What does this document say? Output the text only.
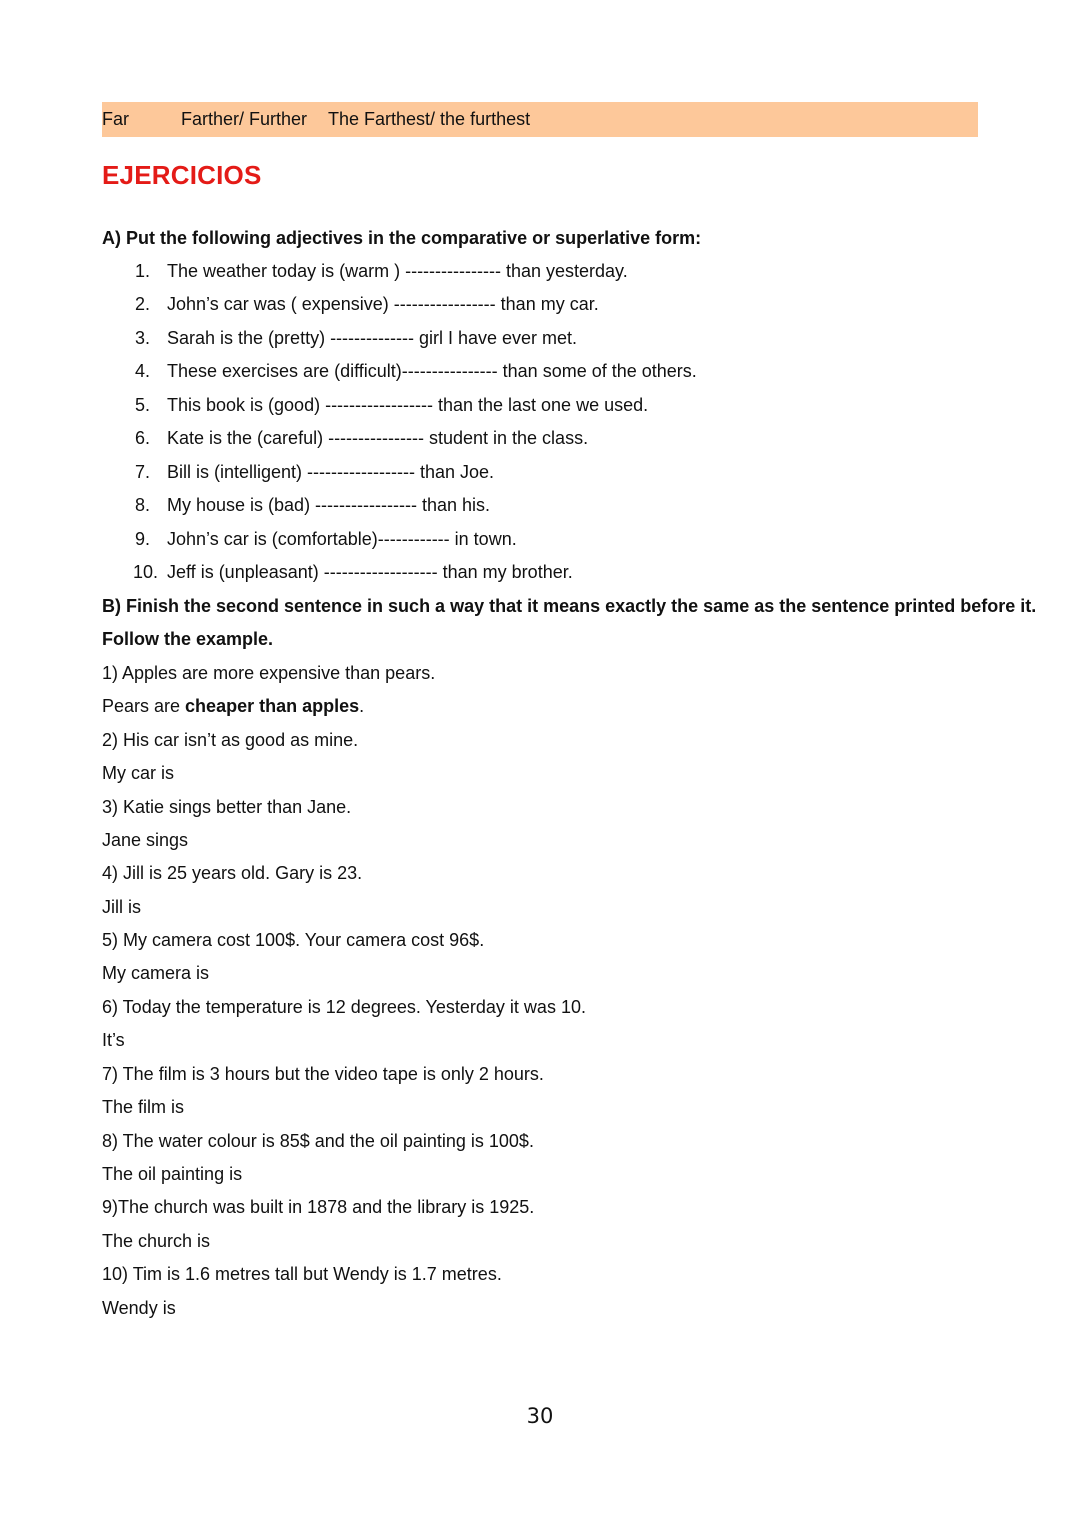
Far	Farther/ Further The Farthest/ the furthest
EJERCICIOS
A) Put the following adjectives in the comparative or superlative form:
1. The weather today is (warm ) ---------------- than yesterday.
2. John’s car was ( expensive) ----------------- than my car.
3. Sarah is the (pretty) -------------- girl I have ever met.
4. These exercises are (difficult)---------------- than some of the others.
5. This book is (good) ------------------ than the last one we used.
6. Kate is the (careful) ---------------- student in the class.
7. Bill is (intelligent) ------------------ than Joe.
8. My house is (bad) ----------------- than his.
9. John’s car is (comfortable)------------ in town.
10. Jeff is (unpleasant) ------------------- than my brother.
B) Finish the second sentence in such a way that it means exactly the same as the sentence printed before it.
Follow the example.
1) Apples are more expensive than pears.
Pears are cheaper than apples.
2) His car isn’t as good as mine.
My car is
3) Katie sings better than Jane.
Jane sings
4) Jill is 25 years old. Gary is 23.
Jill is
5) My camera cost 100$. Your camera cost 96$.
My camera is
6) Today the temperature is 12 degrees. Yesterday it was 10.
It’s
7) The film is 3 hours but the video tape is only 2 hours.
The film is
8) The water colour is 85$ and the oil painting is 100$.
The oil painting is
9)The church was built in 1878 and the library is 1925.
The church is
10) Tim is 1.6 metres tall but Wendy is 1.7 metres.
Wendy is
30
